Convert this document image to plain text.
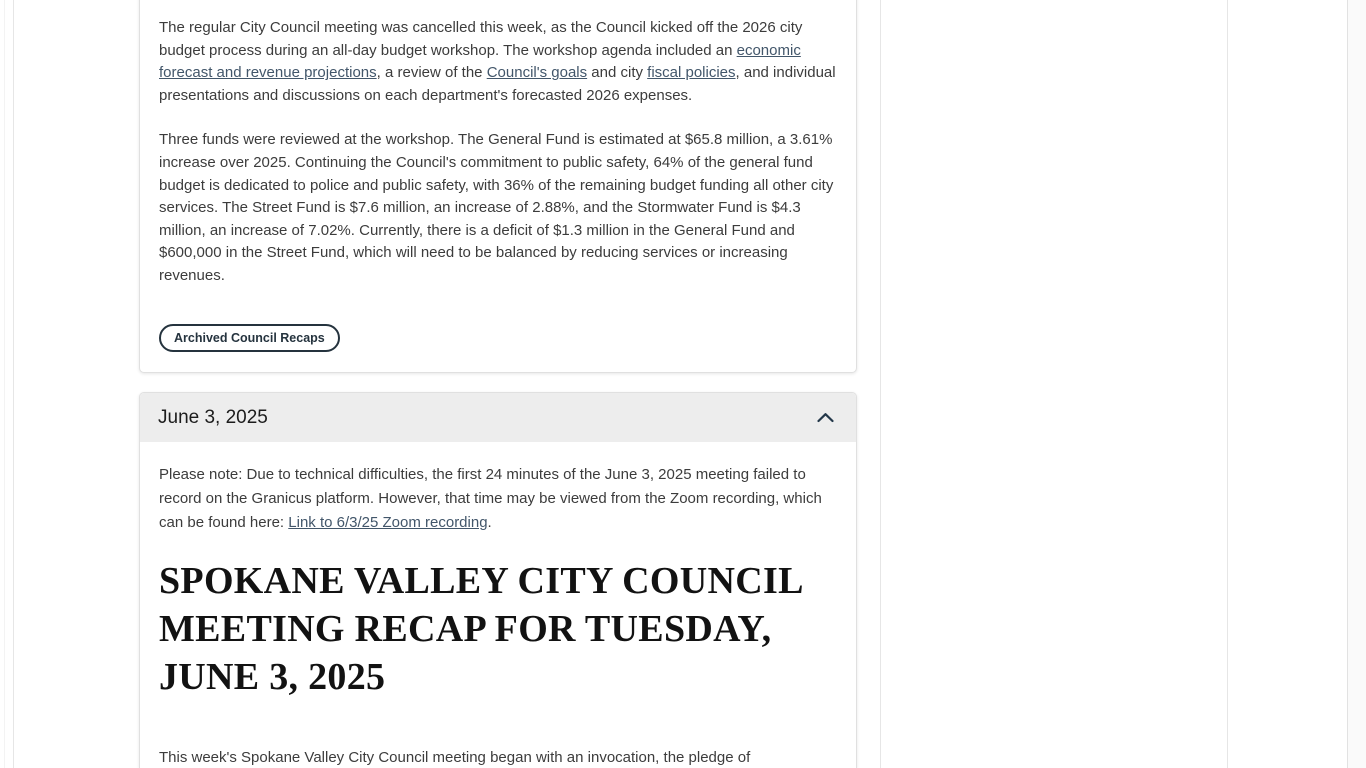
The regular City Council meeting was cancelled this week, as the Council kicked off the 2026 city budget process during an all-day budget workshop. The workshop agenda included an economic forecast and revenue projections, a review of the Council's goals and city fiscal policies, and individual presentations and discussions on each department's forecasted 2026 expenses.

Three funds were reviewed at the workshop. The General Fund is estimated at $65.8 million, a 3.61% increase over 2025. Continuing the Council's commitment to public safety, 64% of the general fund budget is dedicated to police and public safety, with 36% of the remaining budget funding all other city services. The Street Fund is $7.6 million, an increase of 2.88%, and the Stormwater Fund is $4.3 million, an increase of 7.02%. Currently, there is a deficit of $1.3 million in the General Fund and $600,000 in the Street Fund, which will need to be balanced by reducing services or increasing revenues.

Archived Council Recaps
June 3, 2025

Please note: Due to technical difficulties, the first 24 minutes of the June 3, 2025 meeting failed to record on the Granicus platform. However, that time may be viewed from the Zoom recording, which can be found here: Link to 6/3/25 Zoom recording.

SPOKANE VALLEY CITY COUNCIL
MEETING RECAP FOR TUESDAY,
JUNE 3, 2025

This week's Spokane Valley City Council meeting began with an invocation, the pledge of
